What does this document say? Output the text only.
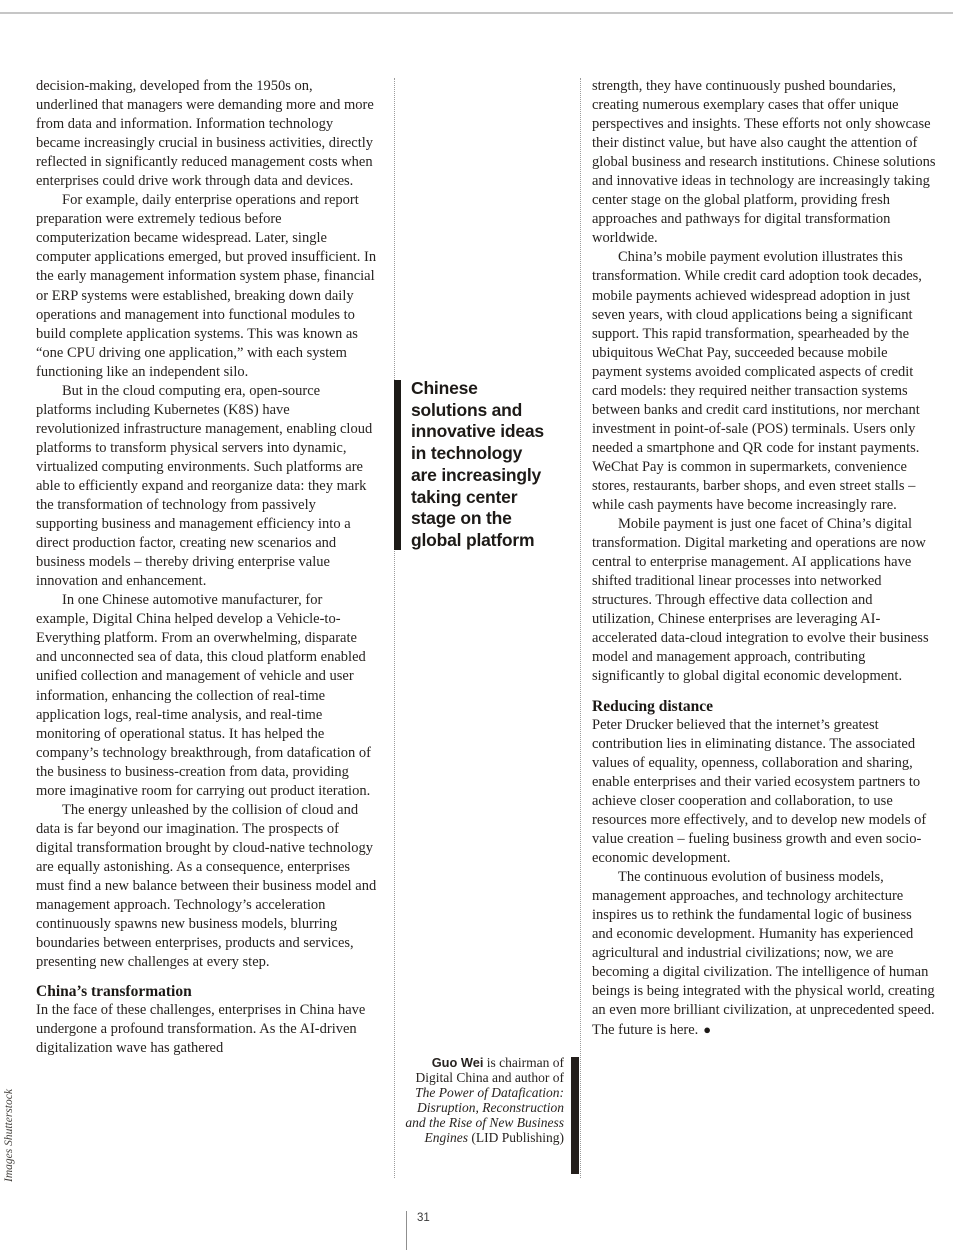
decision-making, developed from the 1950s on, underlined that managers were demanding more and more from data and information. Information technology became increasingly crucial in business activities, directly reflected in significantly reduced management costs when enterprises could drive work through data and devices.

For example, daily enterprise operations and report preparation were extremely tedious before computerization became widespread. Later, single computer applications emerged, but proved insufficient. In the early management information system phase, financial or ERP systems were established, breaking down daily operations and management into functional modules to build complete application systems. This was known as “one CPU driving one application,” with each system functioning like an independent silo.

But in the cloud computing era, open-source platforms including Kubernetes (K8S) have revolutionized infrastructure management, enabling cloud platforms to transform physical servers into dynamic, virtualized computing environments. Such platforms are able to efficiently expand and reorganize data: they mark the transformation of technology from passively supporting business and management efficiency into a direct production factor, creating new scenarios and business models – thereby driving enterprise value innovation and enhancement.

In one Chinese automotive manufacturer, for example, Digital China helped develop a Vehicle-to-Everything platform. From an overwhelming, disparate and unconnected sea of data, this cloud platform enabled unified collection and management of vehicle and user information, enhancing the collection of real-time application logs, real-time analysis, and real-time monitoring of operational status. It has helped the company’s technology breakthrough, from datafication of the business to business-creation from data, providing more imaginative room for carrying out product iteration.

The energy unleashed by the collision of cloud and data is far beyond our imagination. The prospects of digital transformation brought by cloud-native technology are equally astonishing. As a consequence, enterprises must find a new balance between their business model and management approach. Technology’s acceleration continuously spawns new business models, blurring boundaries between enterprises, products and services, presenting new challenges at every step.

China’s transformation

In the face of these challenges, enterprises in China have undergone a profound transformation. As the AI-driven digitalization wave has gathered

Chinese
solutions and
innovative ideas
in technology
are increasingly
taking center
stage on the
global platform

strength, they have continuously pushed boundaries, creating numerous exemplary cases that offer unique perspectives and insights. These efforts not only showcase their distinct value, but have also caught the attention of global business and research institutions. Chinese solutions and innovative ideas in technology are increasingly taking center stage on the global platform, providing fresh approaches and pathways for digital transformation worldwide.

China’s mobile payment evolution illustrates this transformation. While credit card adoption took decades, mobile payments achieved widespread adoption in just seven years, with cloud applications being a significant support. This rapid transformation, spearheaded by the ubiquitous WeChat Pay, succeeded because mobile payment systems avoided complicated aspects of credit card models: they required neither transaction systems between banks and credit card institutions, nor merchant investment in point-of-sale (POS) terminals. Users only needed a smartphone and QR code for instant payments. WeChat Pay is common in supermarkets, convenience stores, restaurants, barber shops, and even street stalls – while cash payments have become increasingly rare.

Mobile payment is just one facet of China’s digital transformation. Digital marketing and operations are now central to enterprise management. AI applications have shifted traditional linear processes into networked structures. Through effective data collection and utilization, Chinese enterprises are leveraging AI-accelerated data-cloud integration to evolve their business model and management approach, contributing significantly to global digital economic development.

Reducing distance

Peter Drucker believed that the internet’s greatest contribution lies in eliminating distance. The associated values of equality, openness, collaboration and sharing, enable enterprises and their varied ecosystem partners to achieve closer cooperation and collaboration, to use resources more effectively, and to develop new models of value creation – fueling business growth and even socio-economic development.

The continuous evolution of business models, management approaches, and technology architecture inspires us to rethink the fundamental logic of business and economic development. Humanity has experienced agricultural and industrial civilizations; now, we are becoming a digital civilization. The intelligence of human beings is being integrated with the physical world, creating an even more brilliant civilization, at unprecedented speed. The future is here. ●

Guo Wei is chairman of Digital China and author of The Power of Datafication: Disruption, Reconstruction and the Rise of New Business Engines (LID Publishing)
Images Shutterstock
31
